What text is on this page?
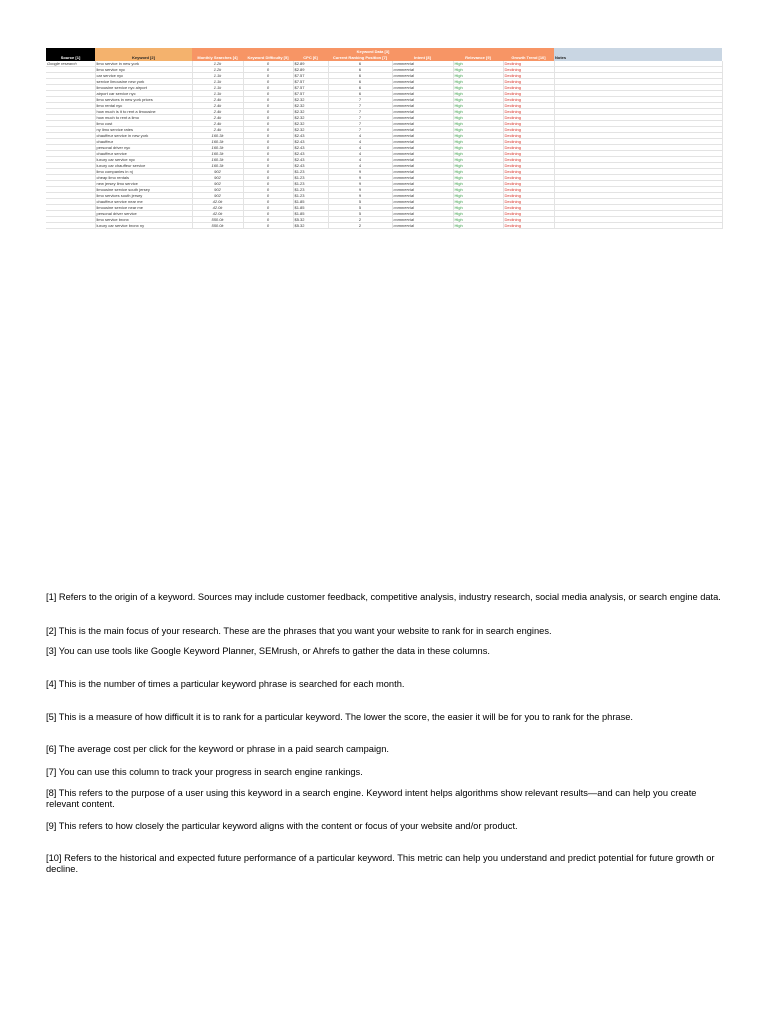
		Keyword Data [3]							
Source [1]	Keyword [2]	Monthly Searches [4]	Keyword Difficulty [5]	CPC [6]	Current Ranking Position [7]	Intent [8]	Relevance [9]	Growth Trend [10]	Notes
Google research	limo service in new york	1.2k	0	$2.89	6	commercial	High	Declining	
	limo service nyc	1.2k	0	$2.89	6	commercial	High	Declining	
	car service nyc	1.1k	0	$7.57	6	commercial	High	Declining	
	service limousine new york	1.1k	0	$7.57	6	commercial	High	Declining	
	limousine service nyc airport	1.1k	0	$7.57	6	commercial	High	Declining	
	airport car service nyc	1.1k	0	$7.57	6	commercial	High	Declining	
	limo services in new york prices	2.4k	0	$2.32	7	commercial	High	Declining	
	limo rental nyc	2.4k	0	$2.32	7	commercial	High	Declining	
	how much is it to rent a limousine	2.4k	0	$2.32	7	commercial	High	Declining	
	how much to rent a limo	2.4k	0	$2.32	7	commercial	High	Declining	
	limo cost	2.4k	0	$2.32	7	commercial	High	Declining	
	ny limo service rates	2.4k	0	$2.32	7	commercial	High	Declining	
	chauffeur service in new york	160.3k	0	$2.43	4	commercial	High	Declining	
	chauffeur	160.3k	0	$2.43	4	commercial	High	Declining	
	personal driver nyc	160.3k	0	$2.43	4	commercial	High	Declining	
	chauffeur service	160.3k	0	$2.43	4	commercial	High	Declining	
	luxury car service nyc	160.3k	0	$2.43	4	commercial	High	Declining	
	luxury car chauffeur service	160.3k	0	$2.43	4	commercial	High	Declining	
	limo companies in nj	902	0	$1.23	9	commercial	High	Declining	
	cheap limo rentals	902	0	$1.23	9	commercial	High	Declining	
	new jersey limo service	902	0	$1.23	9	commercial	High	Declining	
	limousine service south jersey	902	0	$1.23	9	commercial	High	Declining	
	limo services south jersey	902	0	$1.23	9	commercial	High	Declining	
	chauffeur service near me	42.0k	0	$1.85	5	commercial	High	Declining	
	limousine service near me	42.0k	0	$1.85	5	commercial	High	Declining	
	personal driver service	42.0k	0	$1.85	5	commercial	High	Declining	
	limo service bronx	550.0k	0	$5.32	2	commercial	High	Declining	
	luxury car service bronx ny	550.0k	0	$5.32	2	commercial	High	Declining	

[1] Refers to the origin of a keyword. Sources may include customer feedback, competitive analysis, industry research, social media analysis, or search engine data.

[2] This is the main focus of your research. These are the phrases that you want your website to rank for in search engines.

[3] You can use tools like Google Keyword Planner, SEMrush, or Ahrefs to gather the data in these columns.

[4] This is the number of times a particular keyword phrase is searched for each month.

[5] This is a measure of how difficult it is to rank for a particular keyword. The lower the score, the easier it will be for you to rank for the phrase.

[6] The average cost per click for the keyword or phrase in a paid search campaign.

[7] You can use this column to track your progress in search engine rankings.

[8] This refers to the purpose of a user using this keyword in a search engine. Keyword intent helps algorithms show relevant results—and can help you create relevant content.

[9] This refers to how closely the particular keyword aligns with the content or focus of your website and/or product.

[10] Refers to the historical and expected future performance of a particular keyword. This metric can help you understand and predict potential for future growth or decline.
